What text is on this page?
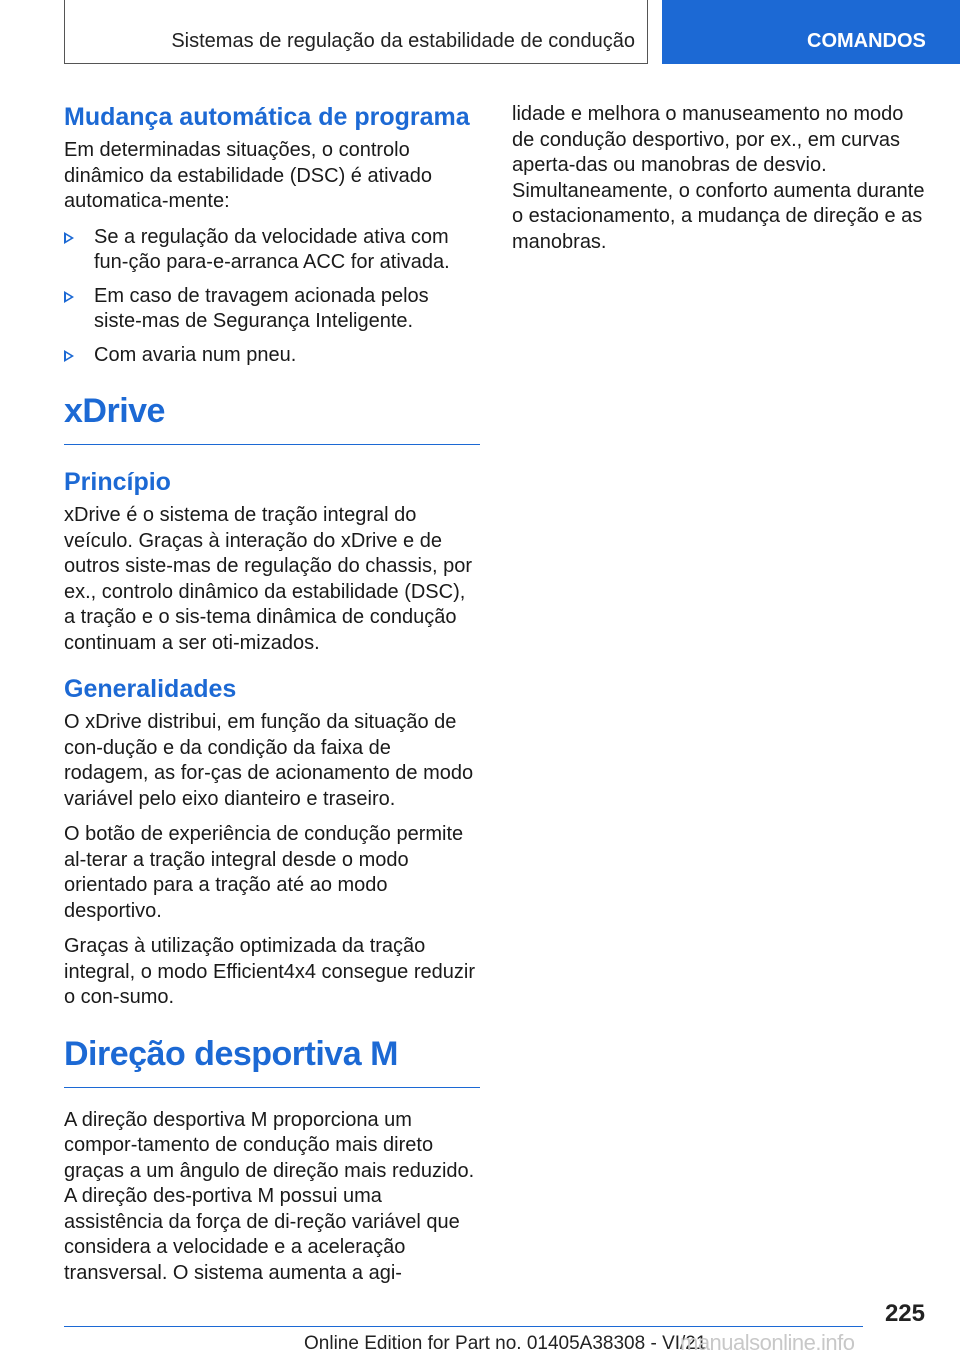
Sistemas de regulação da estabilidade de condução	COMANDOS
Mudança automática de programa

Em determinadas situações, o controlo dinâmico da estabilidade (DSC) é ativado automatica-mente:

Se a regulação da velocidade ativa com fun-ção para-e-arranca ACC for ativada.
Em caso de travagem acionada pelos siste-mas de Segurança Inteligente.
Com avaria num pneu.
xDrive
Princípio

xDrive é o sistema de tração integral do veículo. Graças à interação do xDrive e de outros siste-mas de regulação do chassis, por ex., controlo dinâmico da estabilidade (DSC), a tração e o sis-tema dinâmica de condução continuam a ser oti-mizados.

Generalidades

O xDrive distribui, em função da situação de con-dução e da condição da faixa de rodagem, as for-ças de acionamento de modo variável pelo eixo dianteiro e traseiro.

O botão de experiência de condução permite al-terar a tração integral desde o modo orientado para a tração até ao modo desportivo.

Graças à utilização optimizada da tração integral, o modo Efficient4x4 consegue reduzir o con-sumo.

Direção desportiva M

A direção desportiva M proporciona um compor-tamento de condução mais direto graças a um ângulo de direção mais reduzido. A direção des-portiva M possui uma assistência da força de di-reção variável que considera a velocidade e a aceleração transversal. O sistema aumenta a agi-

lidade e melhora o manuseamento no modo de condução desportivo, por ex., em curvas aperta-das ou manobras de desvio. Simultaneamente, o conforto aumenta durante o estacionamento, a mudança de direção e as manobras.

225
Online Edition for Part no. 01405A38308 - VI/21
manualsonline.info
